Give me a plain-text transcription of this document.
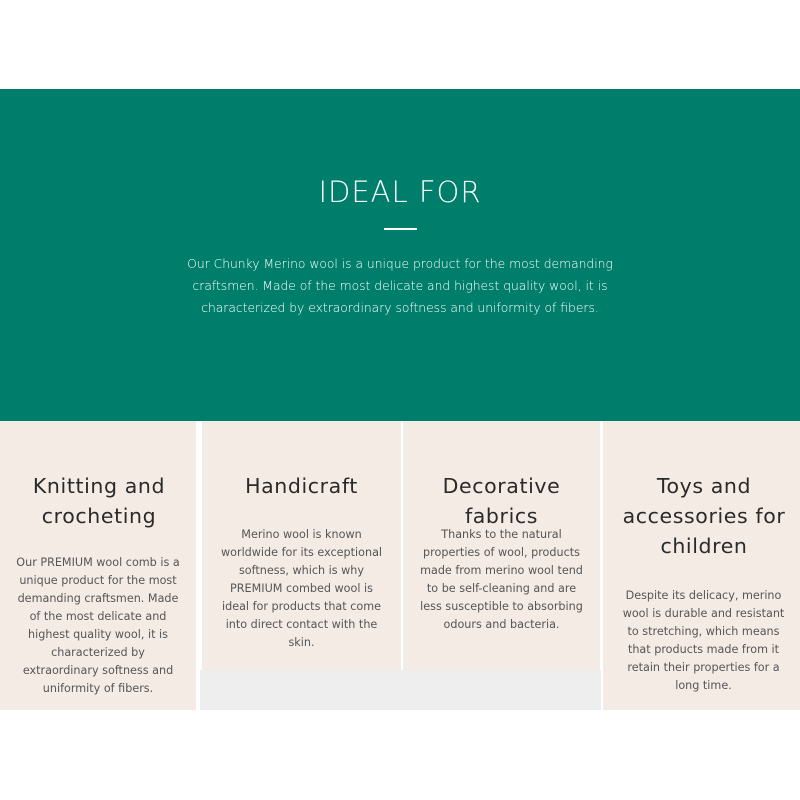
IDEAL FOR

Our Chunky Merino wool is a unique product for the most demanding craftsmen. Made of the most delicate and highest quality wool, it is characterized by extraordinary softness and uniformity of fibers.

Knitting and crocheting

Our PREMIUM wool comb is a unique product for the most demanding craftsmen. Made of the most delicate and highest quality wool, it is characterized by extraordinary softness and uniformity of fibers.

Handicraft

Merino wool is known worldwide for its exceptional softness, which is why PREMIUM combed wool is ideal for products that come into direct contact with the skin.

Decorative fabrics

Thanks to the natural properties of wool, products made from merino wool tend to be self-cleaning and are less susceptible to absorbing odours and bacteria.

Toys and accessories for children

Despite its delicacy, merino wool is durable and resistant to stretching, which means that products made from it retain their properties for a long time.
